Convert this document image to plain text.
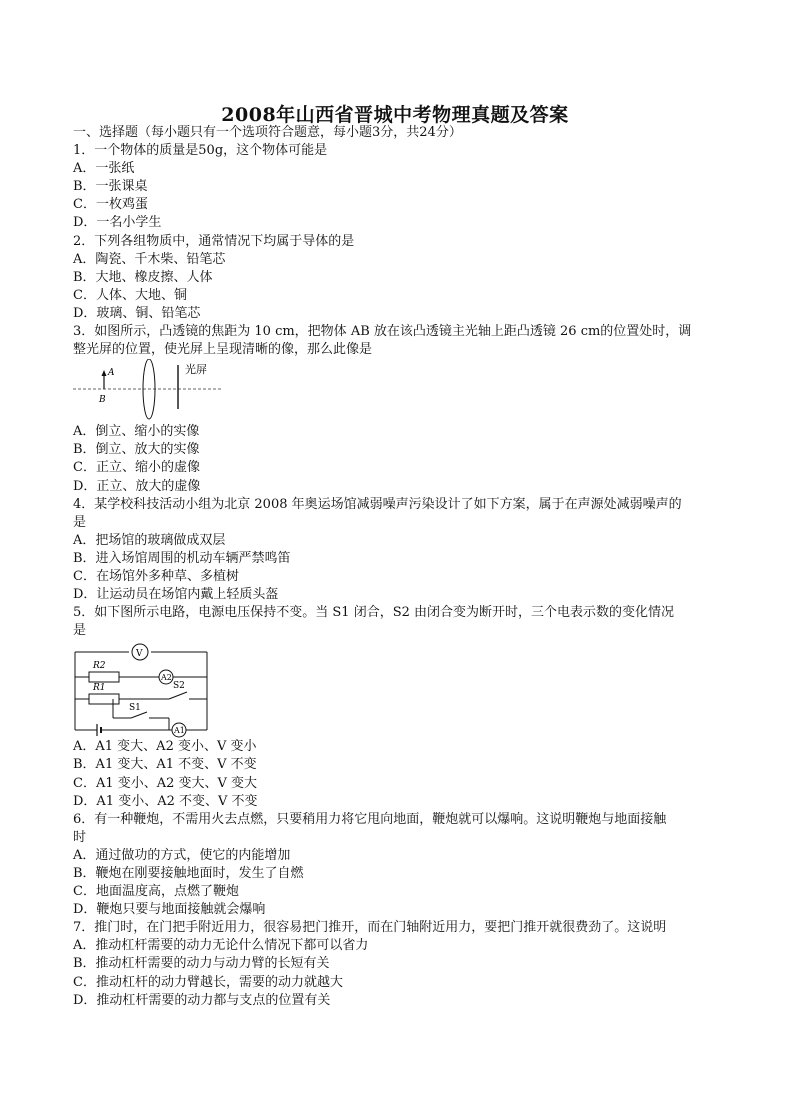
2008年山西省晋城中考物理真题及答案
一、选择题（每小题只有一个选项符合题意，每小题3分，共24分）
1．一个物体的质量是50g，这个物体可能是
A．一张纸
B．一张课桌
C．一枚鸡蛋
D．一名小学生
2．下列各组物质中，通常情况下均属于导体的是
A．陶瓷、千木柴、铅笔芯
B．大地、橡皮擦、人体
C．人体、大地、铜
D．玻璃、铜、铅笔芯
3．如图所示，凸透镜的焦距为 10 cm，把物体 AB 放在该凸透镜主光轴上距凸透镜 26 cm的位置处时，调
整光屏的位置，使光屏上呈现清晰的像，那么此像是
A
B
光屏
A．倒立、缩小的实像
B．倒立、放大的实像
C．正立、缩小的虚像
D．正立、放大的虚像
4．某学校科技活动小组为北京 2008 年奥运场馆减弱噪声污染设计了如下方案，属于在声源处减弱噪声的
是
A．把场馆的玻璃做成双层
B．进入场馆周围的机动车辆严禁鸣笛
C．在场馆外多种草、多植树
D．让运动员在场馆内戴上轻质头盔
5．如下图所示电路，电源电压保持不变。当 S1 闭合，S2 由闭合变为断开时，三个电表示数的变化情况
是
V
R2
A2
R1	S2
S1
A1
A．A1 变大、A2 变小、V 变小
B．A1 变大、A1 不变、V 不变
C．A1 变小、A2 变大、V 变大
D．A1 变小、A2 不变、V 不变
6．有一种鞭炮，不需用火去点燃，只要稍用力将它甩向地面，鞭炮就可以爆响。这说明鞭炮与地面接触
时
A．通过做功的方式，使它的内能增加
B．鞭炮在刚要接触地面时，发生了自燃
C．地面温度高，点燃了鞭炮
D．鞭炮只要与地面接触就会爆响
7．推门时，在门把手附近用力，很容易把门推开，而在门轴附近用力，要把门推开就很费劲了。这说明
A．推动杠杆需要的动力无论什么情况下都可以省力
B．推动杠杆需要的动力与动力臂的长短有关
C．推动杠杆的动力臂越长，需要的动力就越大
D．推动杠杆需要的动力都与支点的位置有关
